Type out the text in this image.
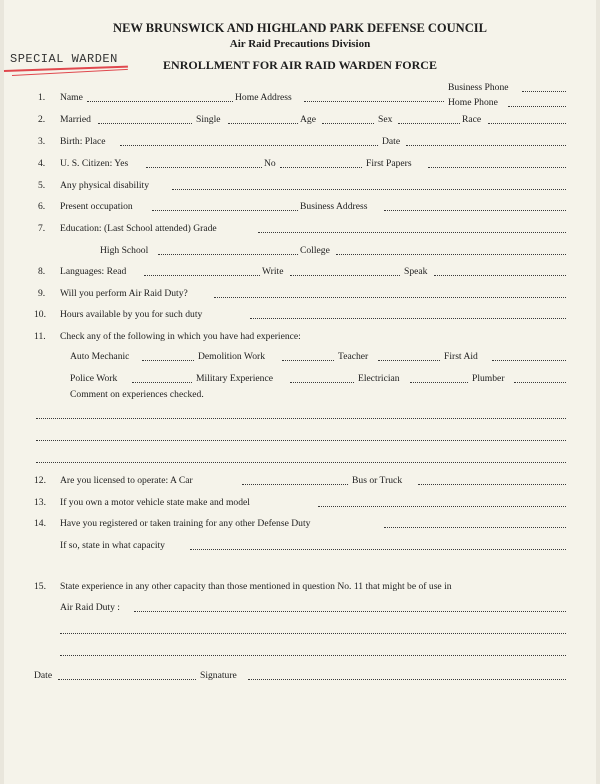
NEW BRUNSWICK AND HIGHLAND PARK DEFENSE COUNCIL
Air Raid Precautions Division
ENROLLMENT FOR AIR RAID WARDEN FORCE
SPECIAL WARDEN
1. Name	Home Address
Business Phone
Home Phone
2. Married	Single	Age	Sex	Race
3. Birth: Place	Date
4. U. S. Citizen: Yes	No	First Papers
5. Any physical disability
6. Present occupation	Business Address
7. Education: (Last School attended) Grade
High School	College
8. Languages: Read	Write	Speak
9. Will you perform Air Raid Duty?
10. Hours available by you for such duty
11. Check any of the following in which you have had experience:
Auto Mechanic	Demolition Work	Teacher	First Aid
Police Work	Military Experience	Electrician	Plumber
Comment on experiences checked.
12. Are you licensed to operate: A Car	Bus or Truck
13. If you own a motor vehicle state make and model
14. Have you registered or taken training for any other Defense Duty
If so, state in what capacity
15. State experience in any other capacity than those mentioned in question No. 11 that might be of use in
Air Raid Duty :
Date	Signature
